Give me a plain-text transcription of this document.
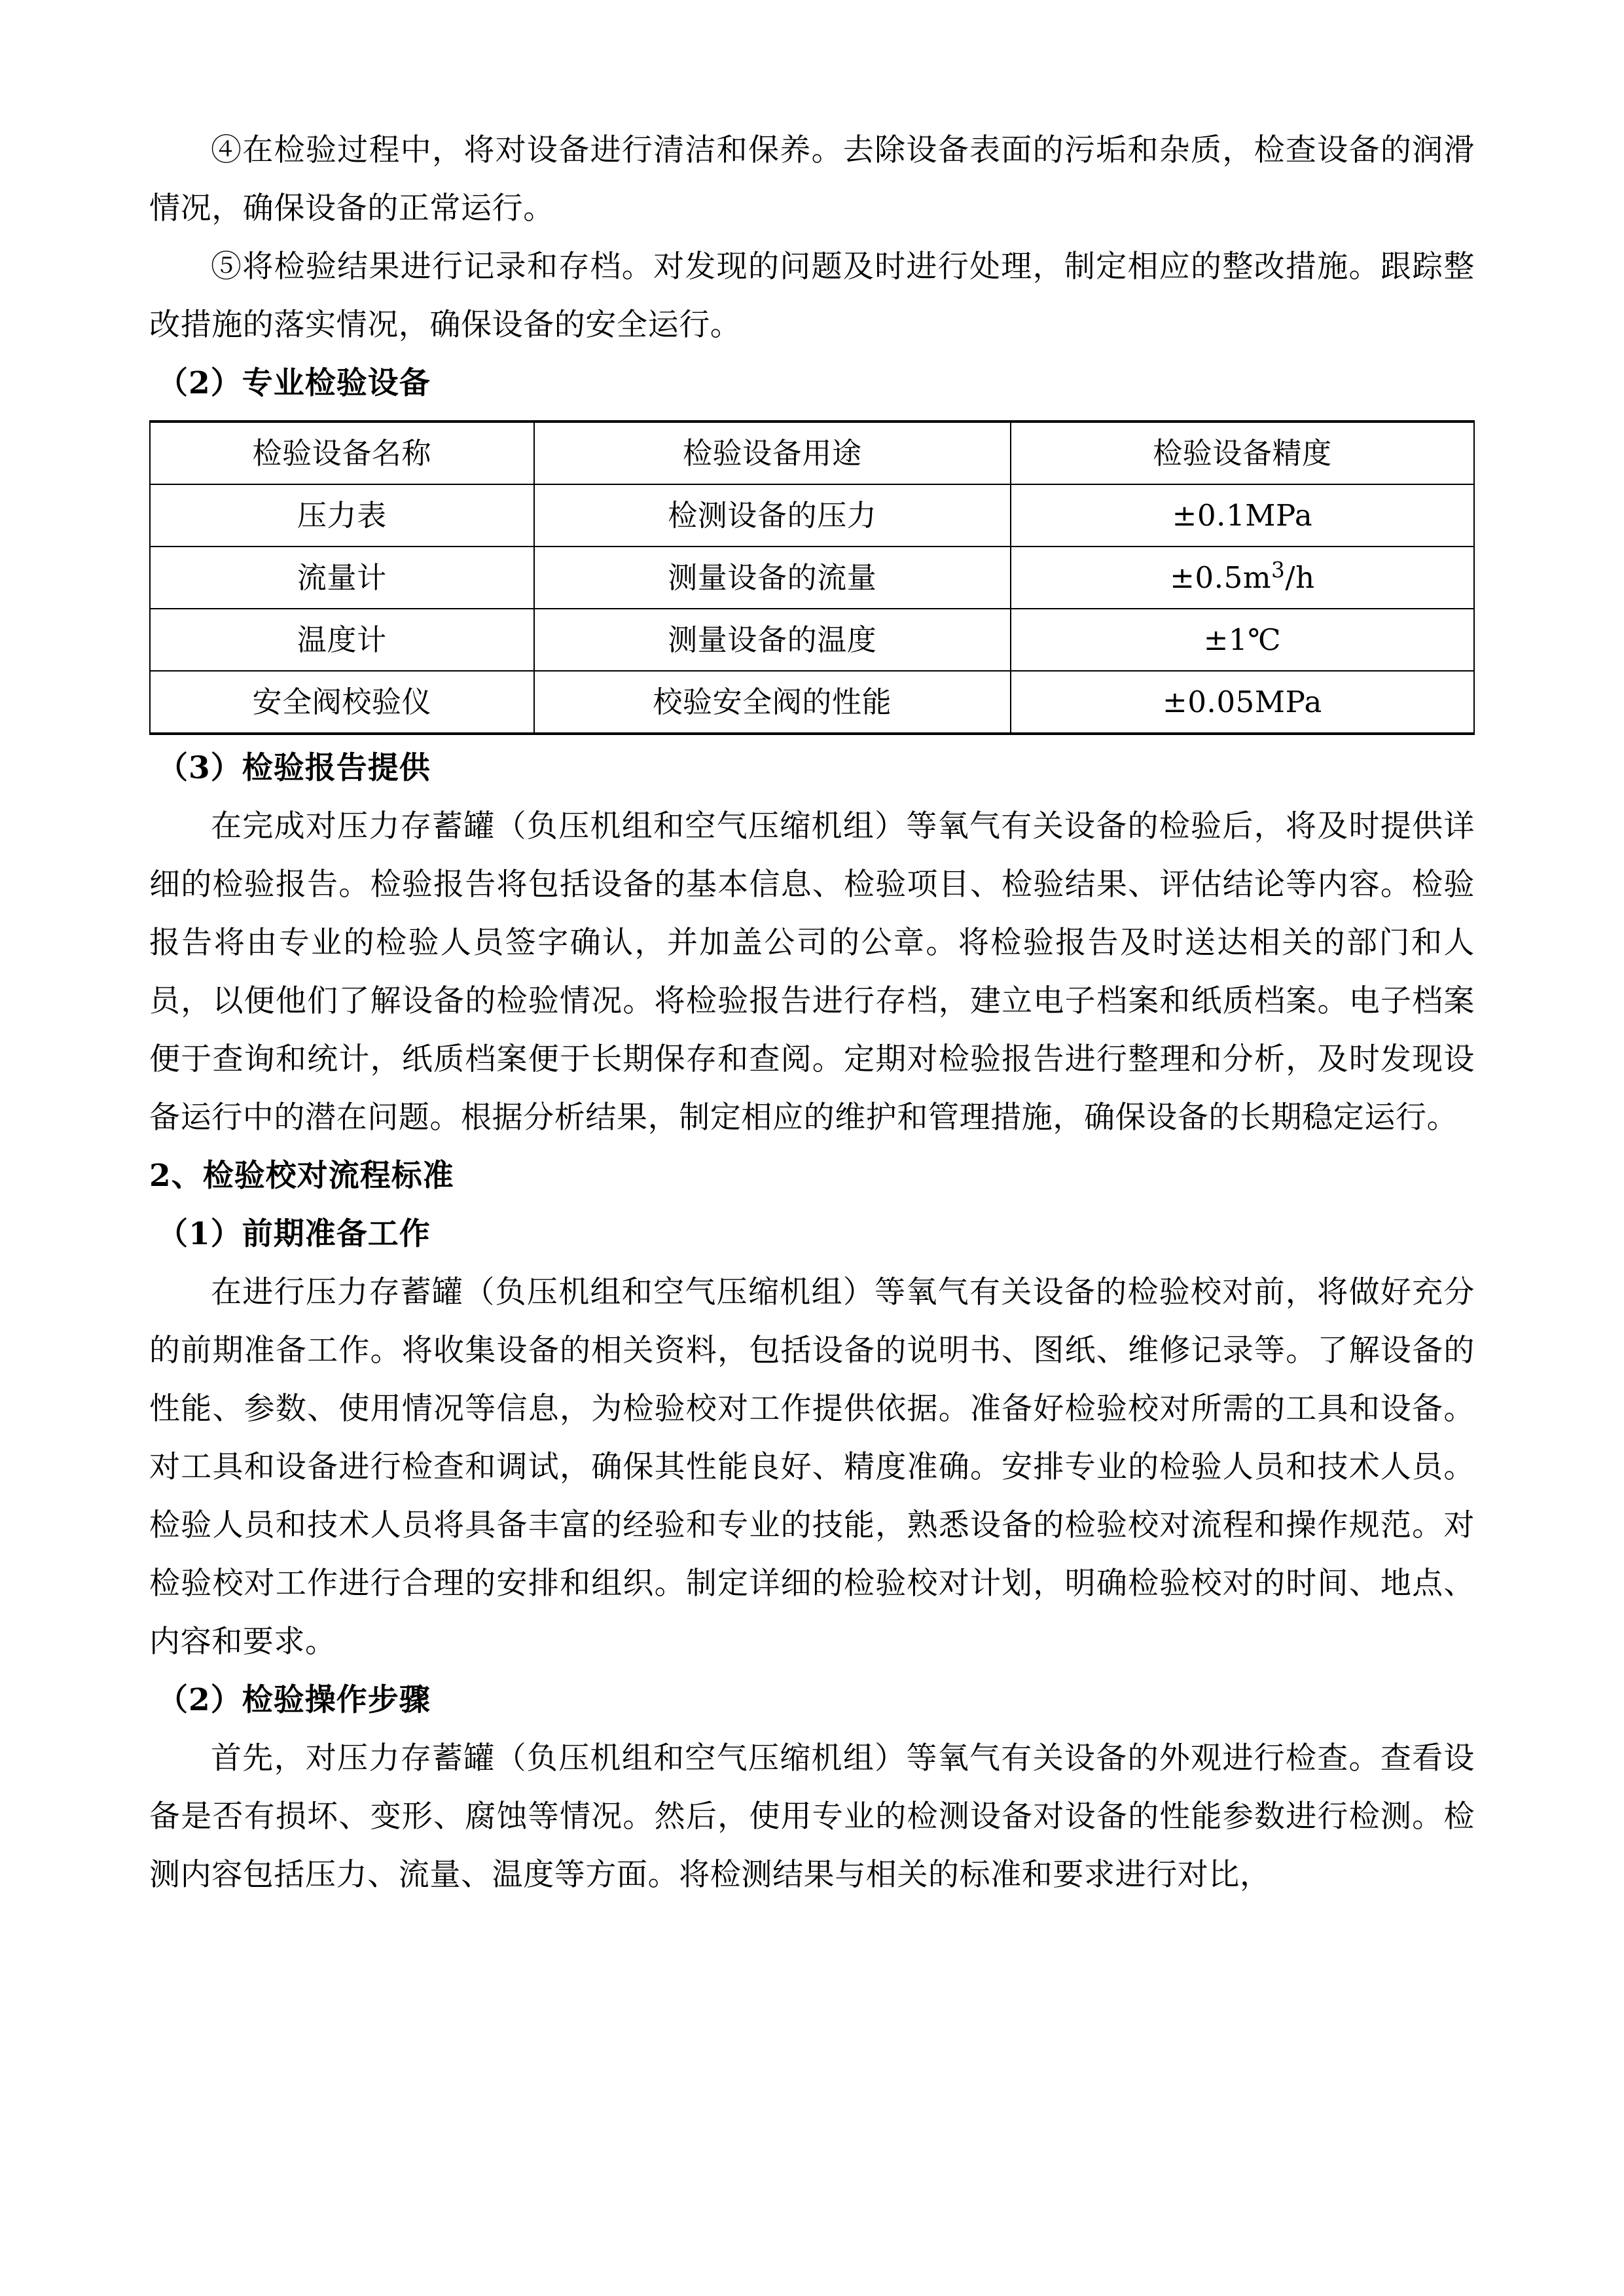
④在检验过程中，将对设备进行清洁和保养。去除设备表面的污垢和杂质，检查设备的润滑情况，确保设备的正常运行。

⑤将检验结果进行记录和存档。对发现的问题及时进行处理，制定相应的整改措施。跟踪整改措施的落实情况，确保设备的安全运行。

（2）专业检验设备

检验设备名称	检验设备用途	检验设备精度
压力表	检测设备的压力	±0.1MPa
流量计	测量设备的流量	$\pm 0.5m^3/h$
温度计	测量设备的温度	±1℃
安全阀校验仪	校验安全阀的性能	±0.05MPa

（3）检验报告提供

在完成对压力存蓄罐（负压机组和空气压缩机组）等氧气有关设备的检验后，将及时提供详细的检验报告。检验报告将包括设备的基本信息、检验项目、检验结果、评估结论等内容。检验报告将由专业的检验人员签字确认，并加盖公司的公章。将检验报告及时送达相关的部门和人员，以便他们了解设备的检验情况。将检验报告进行存档，建立电子档案和纸质档案。电子档案便于查询和统计，纸质档案便于长期保存和查阅。定期对检验报告进行整理和分析，及时发现设备运行中的潜在问题。根据分析结果，制定相应的维护和管理措施，确保设备的长期稳定运行。

2、检验校对流程标准

（1）前期准备工作

在进行压力存蓄罐（负压机组和空气压缩机组）等氧气有关设备的检验校对前，将做好充分的前期准备工作。将收集设备的相关资料，包括设备的说明书、图纸、维修记录等。了解设备的性能、参数、使用情况等信息，为检验校对工作提供依据。准备好检验校对所需的工具和设备。对工具和设备进行检查和调试，确保其性能良好、精度准确。安排专业的检验人员和技术人员。检验人员和技术人员将具备丰富的经验和专业的技能，熟悉设备的检验校对流程和操作规范。对检验校对工作进行合理的安排和组织。制定详细的检验校对计划，明确检验校对的时间、地点、内容和要求。

（2）检验操作步骤

首先，对压力存蓄罐（负压机组和空气压缩机组）等氧气有关设备的外观进行检查。查看设备是否有损坏、变形、腐蚀等情况。然后，使用专业的检测设备对设备的性能参数进行检测。检测内容包括压力、流量、温度等方面。将检测结果与相关的标准和要求进行对比，
